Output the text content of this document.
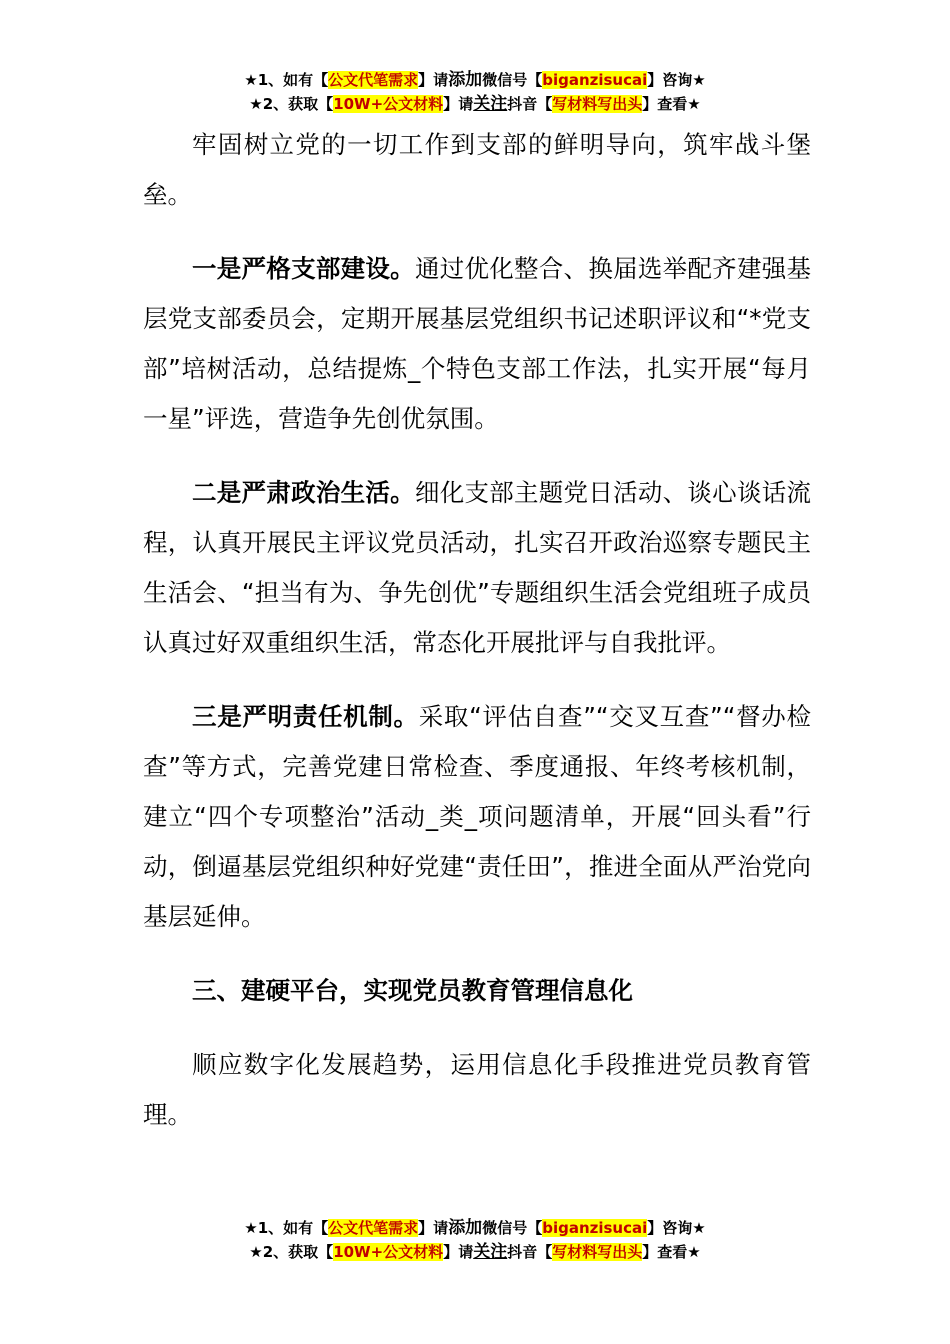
★1、如有【公文代笔需求】请添加微信号【biganzisucai】咨询★
★2、获取【10W+公文材料】请关注抖音【写材料写出头】查看★

牢固树立党的一切工作到支部的鲜明导向，筑牢战斗堡垒。

一是严格支部建设。通过优化整合、换届选举配齐建强基层党支部委员会，定期开展基层党组织书记述职评议和“*党支部”培树活动，总结提炼_个特色支部工作法，扎实开展“每月一星”评选，营造争先创优氛围。

二是严肃政治生活。细化支部主题党日活动、谈心谈话流程，认真开展民主评议党员活动，扎实召开政治巡察专题民主生活会、“担当有为、争先创优”专题组织生活会党组班子成员认真过好双重组织生活，常态化开展批评与自我批评。

三是严明责任机制。采取“评估自查”“交叉互查”“督办检查”等方式，完善党建日常检查、季度通报、年终考核机制，建立“四个专项整治”活动_类_项问题清单，开展“回头看”行动，倒逼基层党组织种好党建“责任田”，推进全面从严治党向基层延伸。

三、建硬平台，实现党员教育管理信息化

顺应数字化发展趋势，运用信息化手段推进党员教育管理。

★1、如有【公文代笔需求】请添加微信号【biganzisucai】咨询★
★2、获取【10W+公文材料】请关注抖音【写材料写出头】查看★
